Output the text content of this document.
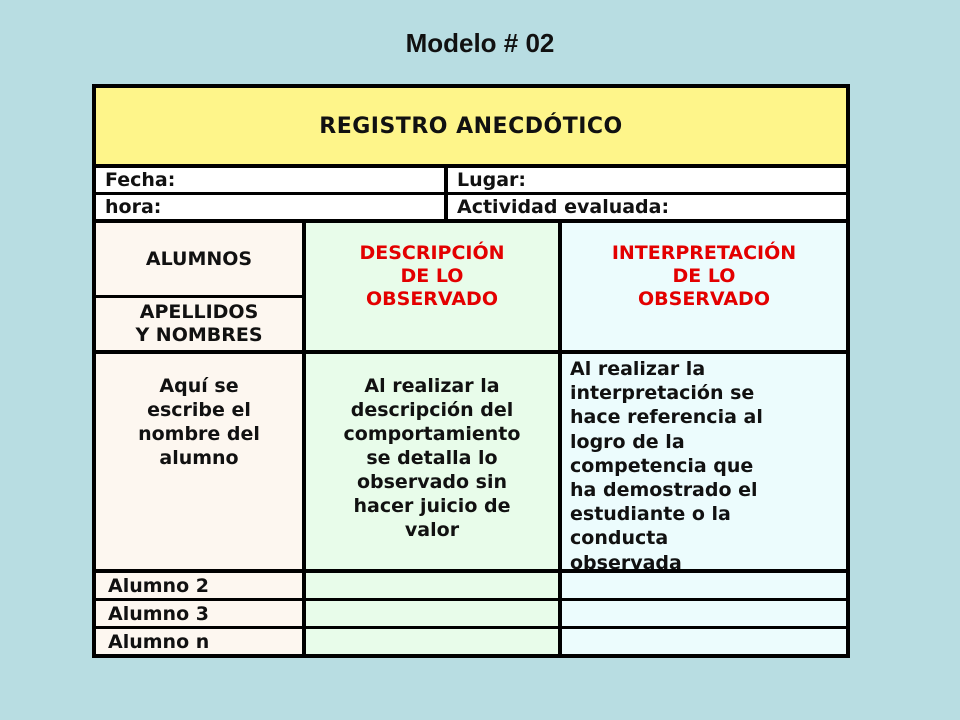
Modelo # 02
REGISTRO ANECDÓTICO
Fecha:	Lugar:
hora:	Actividad evaluada:
ALUMNOS
APELLIDOS
Y NOMBRES
DESCRIPCIÓN
DE LO
OBSERVADO
INTERPRETACIÓN
DE LO
OBSERVADO
Aquí se
escribe el
nombre del
alumno
Al realizar la
descripción del
comportamiento
se detalla lo
observado sin
hacer juicio de
valor
Al realizar la
interpretación se
hace referencia al
logro de la
competencia que
ha demostrado el
estudiante o la
conducta
observada
Alumno 2
Alumno 3
Alumno n
